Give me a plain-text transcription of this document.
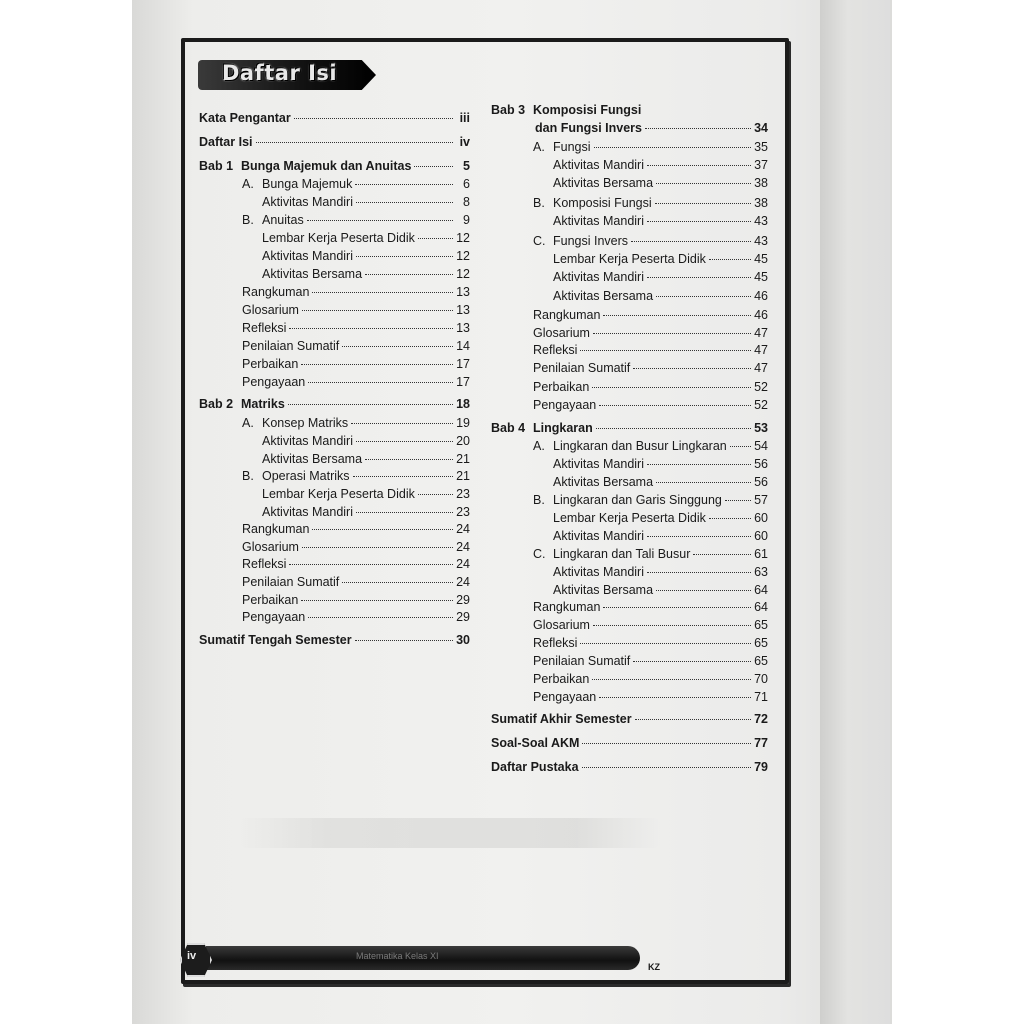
Daftar Isi
Kata Pengantar	iii
Daftar Isi	iv
Bab 1 Bunga Majemuk dan Anuitas	5
A. Bunga Majemuk	6
Aktivitas Mandiri	8
B. Anuitas	9
Lembar Kerja Peserta Didik	12
Aktivitas Mandiri	12
Aktivitas Bersama	12
Rangkuman	13
Glosarium	13
Refleksi	13
Penilaian Sumatif	14
Perbaikan	17
Pengayaan	17
Bab 2 Matriks	18
A. Konsep Matriks	19
Aktivitas Mandiri	20
Aktivitas Bersama	21
B. Operasi Matriks	21
Lembar Kerja Peserta Didik	23
Aktivitas Mandiri	23
Rangkuman	24
Glosarium	24
Refleksi	24
Penilaian Sumatif	24
Perbaikan	29
Pengayaan	29
Sumatif Tengah Semester	30
Bab 3 Komposisi Fungsi
dan Fungsi Invers	34
A. Fungsi	35
Aktivitas Mandiri	37
Aktivitas Bersama	38
B. Komposisi Fungsi	38
Aktivitas Mandiri	43
C. Fungsi Invers	43
Lembar Kerja Peserta Didik	45
Aktivitas Mandiri	45
Aktivitas Bersama	46
Rangkuman	46
Glosarium	47
Refleksi	47
Penilaian Sumatif	47
Perbaikan	52
Pengayaan	52
Bab 4 Lingkaran	53
A. Lingkaran dan Busur Lingkaran 54
Aktivitas Mandiri	56
Aktivitas Bersama	56
B. Lingkaran dan Garis Singgung	57
Lembar Kerja Peserta Didik	60
Aktivitas Mandiri	60
C. Lingkaran dan Tali Busur	61
Aktivitas Mandiri	63
Aktivitas Bersama	64
Rangkuman	64
Glosarium	65
Refleksi	65
Penilaian Sumatif	65
Perbaikan	70
Pengayaan	71
Sumatif Akhir Semester	72
Soal-Soal AKM	77
Daftar Pustaka	79
Matematika Kelas XI
iv
KZ
